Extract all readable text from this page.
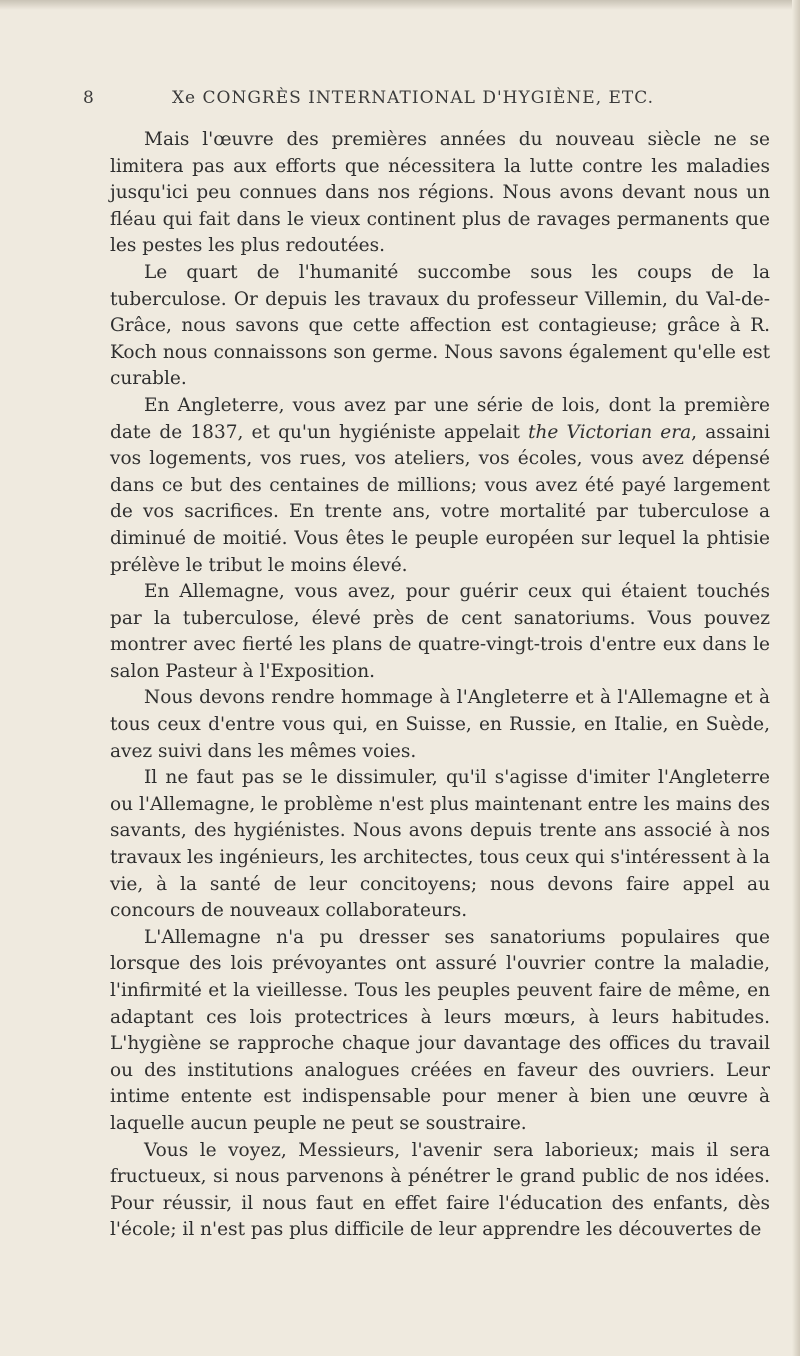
8	Xe CONGRÈS INTERNATIONAL D'HYGIÈNE, ETC.

Mais l'œuvre des premières années du nouveau siècle ne se limitera pas aux efforts que nécessitera la lutte contre les maladies jusqu'ici peu connues dans nos régions. Nous avons devant nous un fléau qui fait dans le vieux continent plus de ravages permanents que les pestes les plus redoutées.

Le quart de l'humanité succombe sous les coups de la tuberculose. Or depuis les travaux du professeur Villemin, du Val-de-Grâce, nous savons que cette affection est contagieuse; grâce à R. Koch nous connaissons son germe. Nous savons également qu'elle est curable.

En Angleterre, vous avez par une série de lois, dont la première date de 1837, et qu'un hygiéniste appelait the Victorian era, assaini vos logements, vos rues, vos ateliers, vos écoles, vous avez dépensé dans ce but des centaines de millions; vous avez été payé largement de vos sacrifices. En trente ans, votre mortalité par tuberculose a diminué de moitié. Vous êtes le peuple européen sur lequel la phtisie prélève le tribut le moins élevé.

En Allemagne, vous avez, pour guérir ceux qui étaient touchés par la tuberculose, élevé près de cent sanatoriums. Vous pouvez montrer avec fierté les plans de quatre-vingt-trois d'entre eux dans le salon Pasteur à l'Exposition.

Nous devons rendre hommage à l'Angleterre et à l'Allemagne et à tous ceux d'entre vous qui, en Suisse, en Russie, en Italie, en Suède, avez suivi dans les mêmes voies.

Il ne faut pas se le dissimuler, qu'il s'agisse d'imiter l'Angleterre ou l'Allemagne, le problème n'est plus maintenant entre les mains des savants, des hygiénistes. Nous avons depuis trente ans associé à nos travaux les ingénieurs, les architectes, tous ceux qui s'intéressent à la vie, à la santé de leur concitoyens; nous devons faire appel au concours de nouveaux collaborateurs.

L'Allemagne n'a pu dresser ses sanatoriums populaires que lorsque des lois prévoyantes ont assuré l'ouvrier contre la maladie, l'infirmité et la vieillesse. Tous les peuples peuvent faire de même, en adaptant ces lois protectrices à leurs mœurs, à leurs habitudes. L'hygiène se rapproche chaque jour davantage des offices du travail ou des institutions analogues créées en faveur des ouvriers. Leur intime entente est indispensable pour mener à bien une œuvre à laquelle aucun peuple ne peut se soustraire.

Vous le voyez, Messieurs, l'avenir sera laborieux; mais il sera fructueux, si nous parvenons à pénétrer le grand public de nos idées. Pour réussir, il nous faut en effet faire l'éducation des enfants, dès l'école; il n'est pas plus difficile de leur apprendre les découvertes de
